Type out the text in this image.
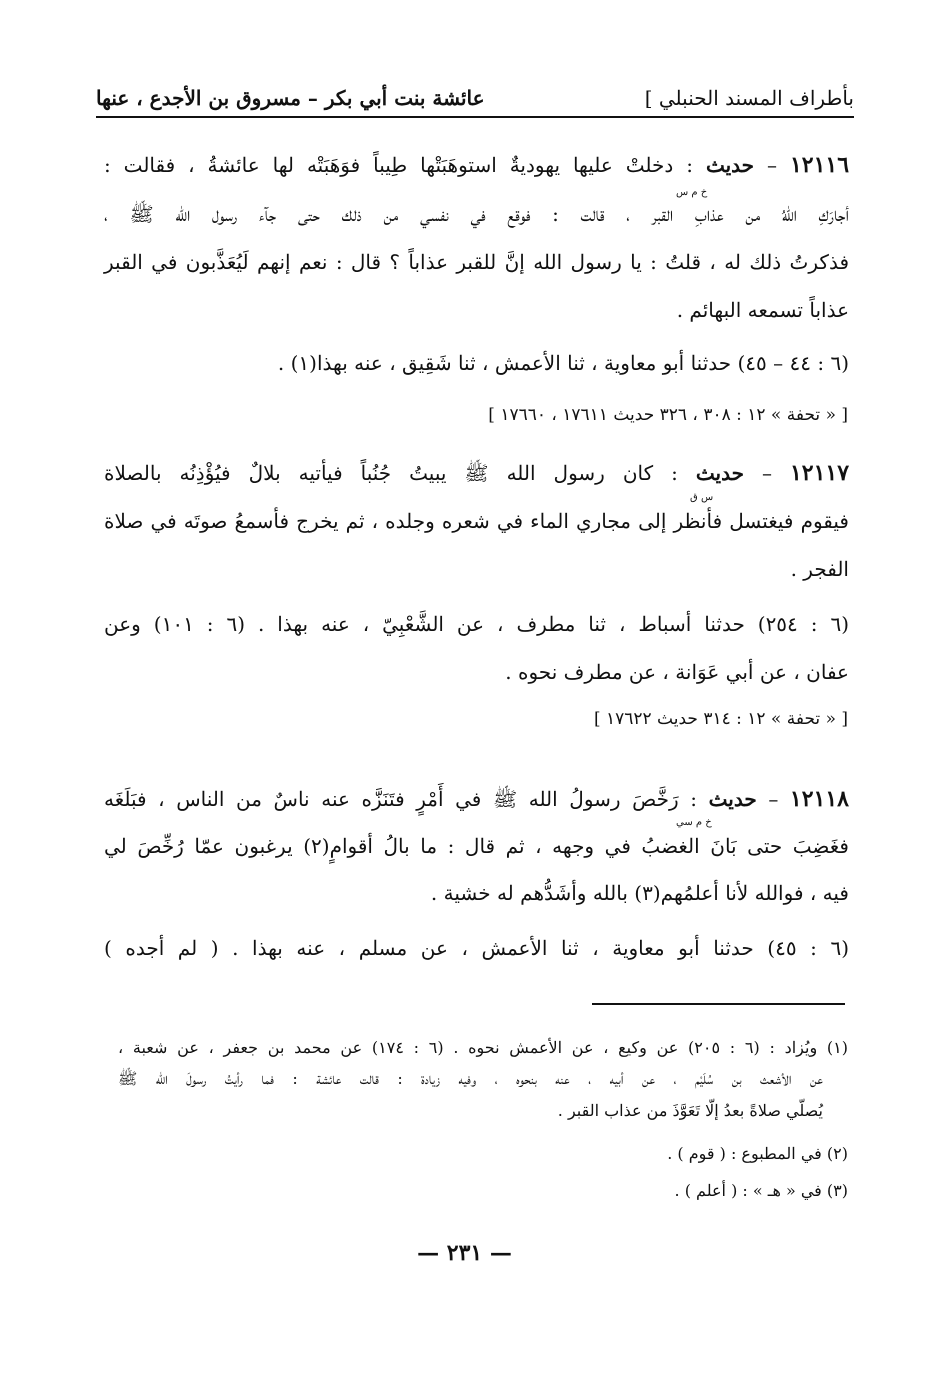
بأطراف المسند الحنبلي ]
عائشة بنت أبي بكر – مسروق بن الأجدع ، عنها
١٢١١٦ – حديث : دخلتْ عليها يهوديةٌ استوهَبَتْها طِيباً فوَهَبَتْه لها عائشةُ ، فقالت :
خ م س
أجارَكِ اللهُ من عذابِ القبر ، قالت : فوقع في نفسي من ذلك حتى جآء رسول الله ﷺ ،
فذكرتُ ذلك له ، قلتُ : يا رسول الله إنَّ للقبر عذاباً ؟ قال : نعم إنهم لَيُعَذَّبون في القبر
عذاباً تسمعه البهائم .
(٦ : ٤٤ – ٤٥) حدثنا أبو معاوية ، ثنا الأعمش ، ثنا شَقِيق ، عنه بهذا(١) .
[ « تحفة » ١٢ : ٣٠٨ ، ٣٢٦ حديث ١٧٦١١ ، ١٧٦٦٠ ]
١٢١١٧ – حديث : كان رسول الله ﷺ يبيتُ جُنُباً فيأتيه بلالٌ فيُؤْذِنُه بالصلاة
س ق
فيقوم فيغتسل فأنظر إلى مجاري الماء في شعره وجلده ، ثم يخرج فأسمعُ صوتَه في صلاة
الفجر .
(٦ : ٢٥٤) حدثنا أسباط ، ثنا مطرف ، عن الشَّعْبِيّ ، عنه بهذا . (٦ : ١٠١) وعن
عفان ، عن أبي عَوَانة ، عن مطرف نحوه .
[ « تحفة » ١٢ : ٣١٤ حديث ١٧٦٢٢ ]
١٢١١٨ – حديث : رَخَّصَ رسولُ الله ﷺ في أَمْرٍ فتَنَزَّه عنه ناسٌ من الناس ، فبَلَغَه
خ م سي
فغَضِبَ حتى بَانَ الغضبُ في وجهه ، ثم قال : ما بالُ أقوامٍ(٢) يرغبون عمّا رُخِّصَ لي
فيه ، فوالله لأنا أعلمُهم(٣) بالله وأشَدُّهم له خشية .
(٦ : ٤٥) حدثنا أبو معاوية ، ثنا الأعمش ، عن مسلم ، عنه بهذا . ( لم أجده )
(١) ويُزاد : (٦ : ٢٠٥) عن وكيع ، عن الأعمش نحوه . (٦ : ١٧٤) عن محمد بن جعفر ، عن شعبة ،
عن الأشعث بن سُلَيْم ، عن أبيه ، عنه بنحوه ، وفيه زيادة : قالت عائشة : فما رأيتُ رسولَ الله ﷺ
يُصلّي صلاةً بعدُ إلّا تَعَوَّذَ من عذاب القبر .
(٢) في المطبوع : ( قوم ) .
(٣) في « هـ » : ( أعلم ) .
— ٢٣١ —
